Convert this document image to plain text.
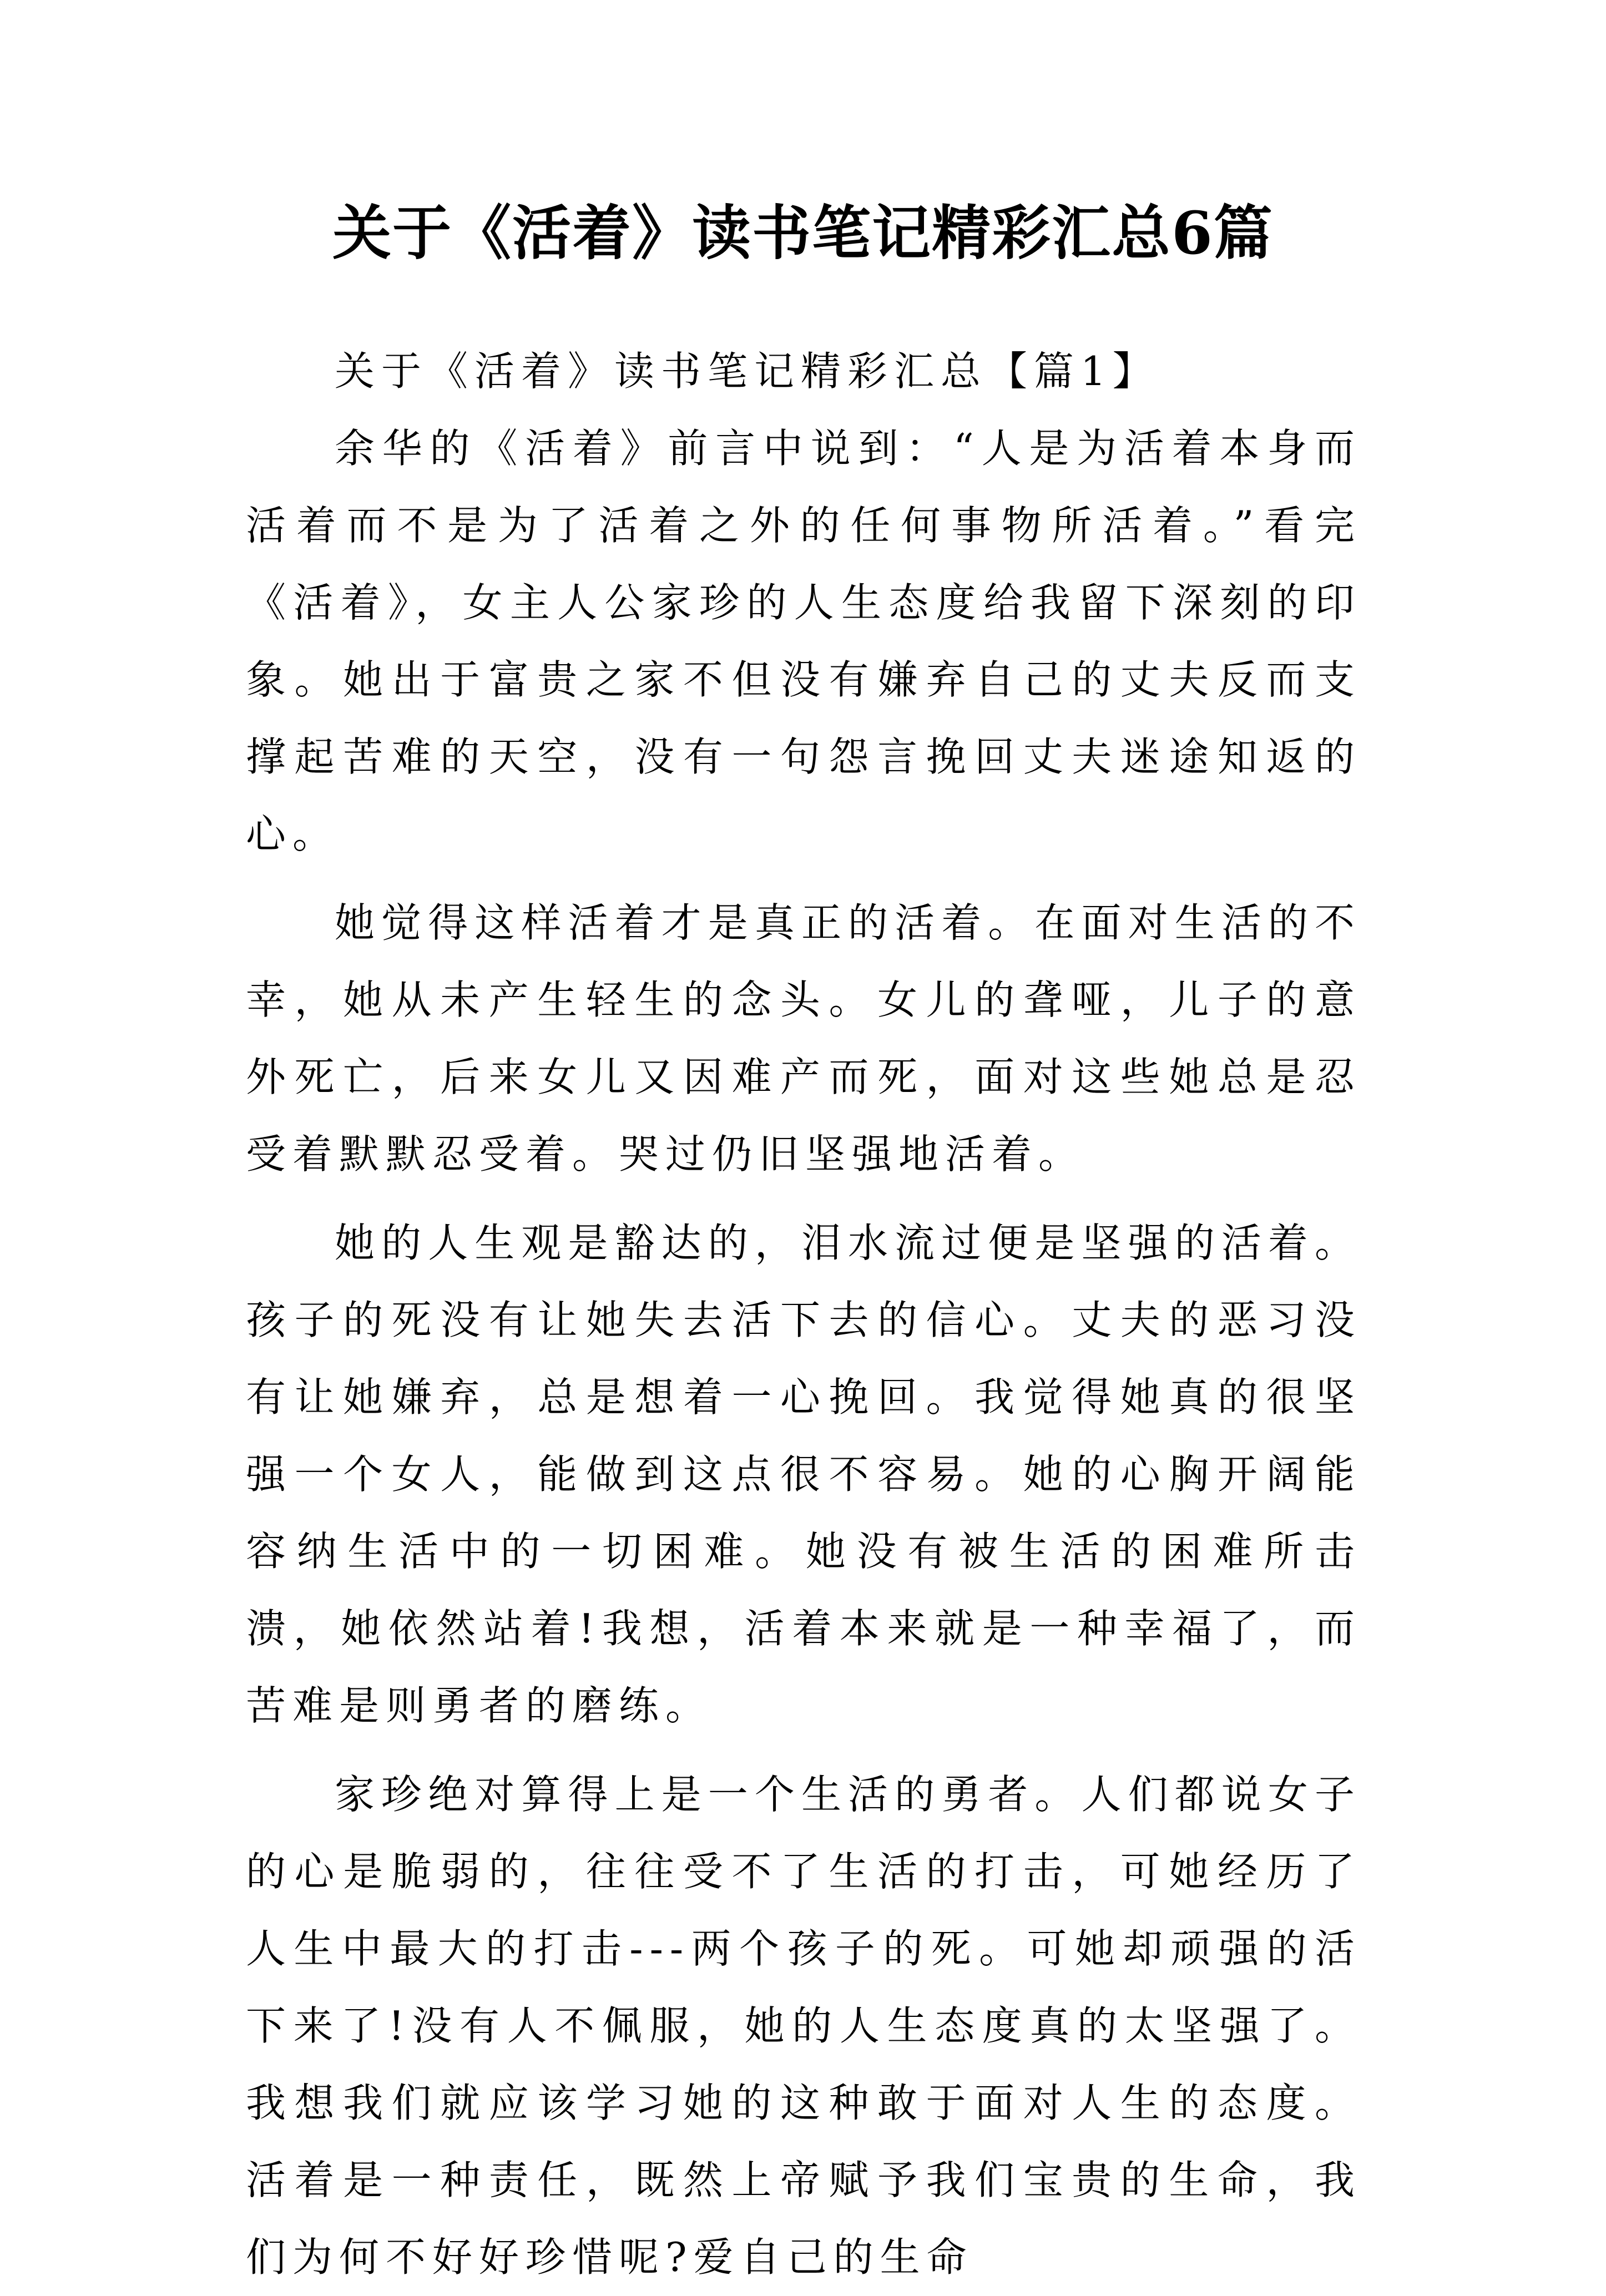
关于《活着》读书笔记精彩汇总6篇

关于《活着》读书笔记精彩汇总【篇1】

余华的《活着》前言中说到：“人是为活着本身而活着而不是为了活着之外的任何事物所活着。”看完《活着》，女主人公家珍的人生态度给我留下深刻的印象。她出于富贵之家不但没有嫌弃自己的丈夫反而支撑起苦难的天空，没有一句怨言挽回丈夫迷途知返的心。

她觉得这样活着才是真正的活着。在面对生活的不幸，她从未产生轻生的念头。女儿的聋哑，儿子的意外死亡，后来女儿又因难产而死，面对这些她总是忍受着默默忍受着。哭过仍旧坚强地活着。

她的人生观是豁达的，泪水流过便是坚强的活着。孩子的死没有让她失去活下去的信心。丈夫的恶习没有让她嫌弃，总是想着一心挽回。我觉得她真的很坚强一个女人，能做到这点很不容易。她的心胸开阔能容纳生活中的一切困难。她没有被生活的困难所击溃，她依然站着!我想，活着本来就是一种幸福了，而苦难是则勇者的磨练。

家珍绝对算得上是一个生活的勇者。人们都说女子的心是脆弱的，往往受不了生活的打击，可她经历了人生中最大的打击---两个孩子的死。可她却顽强的活下来了!没有人不佩服，她的人生态度真的太坚强了。我想我们就应该学习她的这种敢于面对人生的态度。活着是一种责任，既然上帝赋予我们宝贵的生命，我们为何不好好珍惜呢?爱自己的生命
